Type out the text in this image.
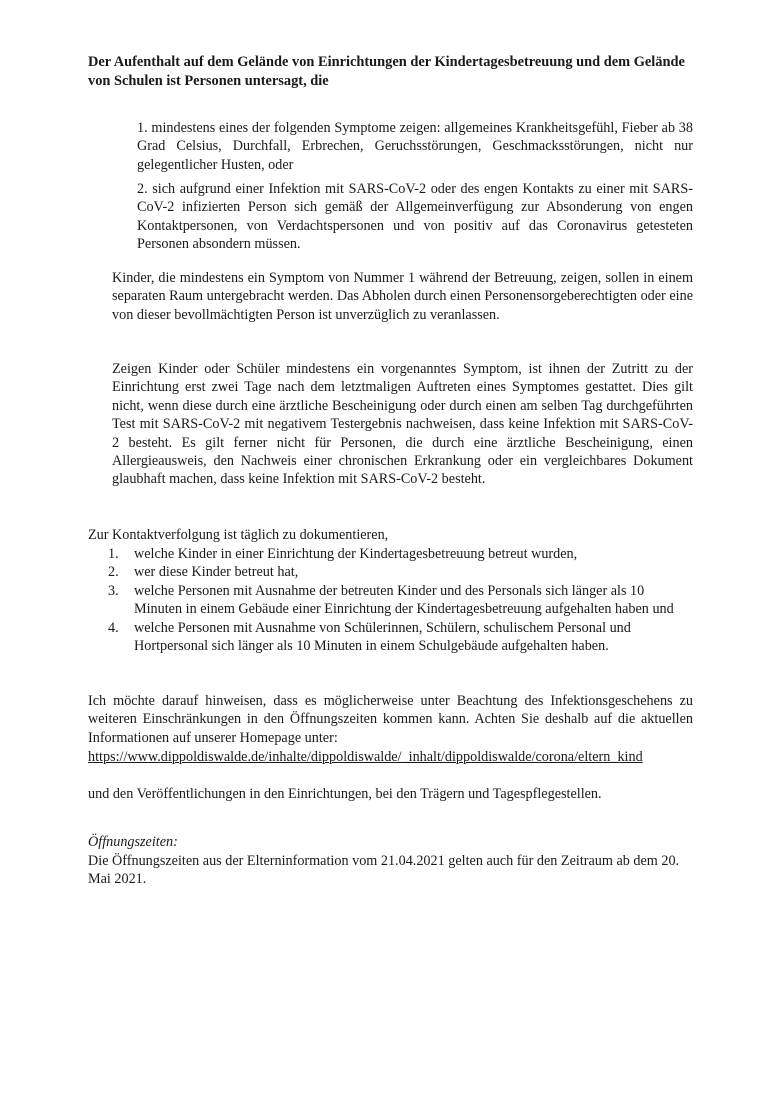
Der Aufenthalt auf dem Gelände von Einrichtungen der Kindertagesbetreuung und dem Gelände von Schulen ist Personen untersagt, die

1. mindestens eines der folgenden Symptome zeigen: allgemeines Krankheitsgefühl, Fieber ab 38 Grad Celsius, Durchfall, Erbrechen, Geruchsstörungen, Geschmacksstörungen, nicht nur gelegentlicher Husten, oder

2. sich aufgrund einer Infektion mit SARS-CoV-2 oder des engen Kontakts zu einer mit SARS-CoV-2 infizierten Person sich gemäß der Allgemeinverfügung zur Absonderung von engen Kontaktpersonen, von Verdachtspersonen und von positiv auf das Coronavirus getesteten Personen absondern müssen.

Kinder, die mindestens ein Symptom von Nummer 1 während der Betreuung, zeigen, sollen in einem separaten Raum untergebracht werden. Das Abholen durch einen Personensorgeberechtigten oder eine von dieser bevollmächtigten Person ist unverzüglich zu veranlassen.

Zeigen Kinder oder Schüler mindestens ein vorgenanntes Symptom, ist ihnen der Zutritt zu der Einrichtung erst zwei Tage nach dem letztmaligen Auftreten eines Symptomes gestattet. Dies gilt nicht, wenn diese durch eine ärztliche Bescheinigung oder durch einen am selben Tag durchgeführten Test mit SARS-CoV-2 mit negativem Testergebnis nachweisen, dass keine Infektion mit SARS-CoV-2 besteht. Es gilt ferner nicht für Personen, die durch eine ärztliche Bescheinigung, einen Allergieausweis, den Nachweis einer chronischen Erkrankung oder ein vergleichbares Dokument glaubhaft machen, dass keine Infektion mit SARS-CoV-2 besteht.

Zur Kontaktverfolgung ist täglich zu dokumentieren,

1.	welche Kinder in einer Einrichtung der Kindertagesbetreuung betreut wurden,
2.	wer diese Kinder betreut hat,
3.	welche Personen mit Ausnahme der betreuten Kinder und des Personals sich länger als 10 Minuten in einem Gebäude einer Einrichtung der Kindertagesbetreuung aufgehalten haben und
4.	welche Personen mit Ausnahme von Schülerinnen, Schülern, schulischem Personal und Hortpersonal sich länger als 10 Minuten in einem Schulgebäude aufgehalten haben.

Ich möchte darauf hinweisen, dass es möglicherweise unter Beachtung des Infektionsgeschehens zu weiteren Einschränkungen in den Öffnungszeiten kommen kann. Achten Sie deshalb auf die aktuellen Informationen auf unserer Homepage unter:

https://www.dippoldiswalde.de/inhalte/dippoldiswalde/_inhalt/dippoldiswalde/corona/eltern_kind

und den Veröffentlichungen in den Einrichtungen, bei den Trägern und Tagespflegestellen.

Öffnungszeiten:

Die Öffnungszeiten aus der Elterninformation vom 21.04.2021 gelten auch für den Zeitraum ab dem 20. Mai 2021.
